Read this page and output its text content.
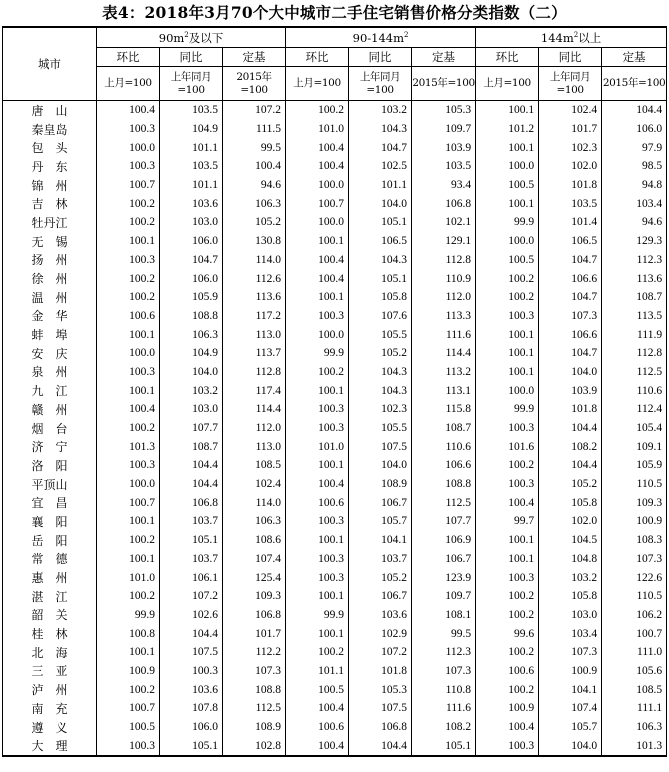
表4：2018年3月70个大中城市二手住宅销售价格分类指数（二）
城市	$90m^2$及以下			$90-144m^2$			$144m^2$以上		
	环比	同比	定基	环比	同比	定基	环比	同比	定基
	上月=100	上年同月=100	2015年=100	上月=100	上年同月=100	2015年=100	上月=100	上年同月=100	2015年=100
唐　山	100.4	103.5	107.2	100.2	103.2	105.3	100.1	102.4	104.4
秦皇岛	100.3	104.9	111.5	101.0	104.3	109.7	101.2	101.7	106.0
包　头	100.0	101.1	99.5	100.4	104.7	103.9	100.1	102.3	97.9
丹　东	100.3	103.5	100.4	100.4	102.5	103.5	100.0	102.0	98.5
锦　州	100.7	101.1	94.6	100.0	101.1	93.4	100.5	101.8	94.8
吉　林	100.2	103.6	106.3	100.7	104.0	106.8	100.1	103.5	103.4
牡丹江	100.2	103.0	105.2	100.0	105.1	102.1	99.9	101.4	94.6
无　锡	100.1	106.0	130.8	100.1	106.5	129.1	100.0	106.5	129.3
扬　州	100.3	104.7	114.0	100.4	104.3	112.8	100.5	104.7	112.3
徐　州	100.2	106.0	112.6	100.4	105.1	110.9	100.2	106.6	113.6
温　州	100.2	105.9	113.6	100.1	105.8	112.0	100.2	104.7	108.7
金　华	100.6	108.8	117.2	100.3	107.6	113.3	100.3	107.3	113.5
蚌　埠	100.1	106.3	113.0	100.0	105.5	111.6	100.1	106.6	111.9
安　庆	100.0	104.9	113.7	99.9	105.2	114.4	100.1	104.7	112.8
泉　州	100.3	104.0	112.8	100.2	104.3	113.2	100.1	104.0	112.5
九　江	100.1	103.2	117.4	100.1	104.3	113.1	100.0	103.9	110.6
赣　州	100.4	103.0	114.4	100.3	102.3	115.8	99.9	101.8	112.4
烟　台	100.2	107.7	112.0	100.3	105.5	108.7	100.3	104.4	105.4
济　宁	101.3	108.7	113.0	101.0	107.5	110.6	101.6	108.2	109.1
洛　阳	100.3	104.4	108.5	100.1	104.0	106.6	100.2	104.4	105.9
平顶山	100.0	104.4	102.4	100.4	108.9	108.8	100.3	105.2	110.5
宜　昌	100.7	106.8	114.0	100.6	106.7	112.5	100.4	105.8	109.3
襄　阳	100.1	103.7	106.3	100.3	105.7	107.7	99.7	102.0	100.9
岳　阳	100.2	105.1	108.6	100.1	104.1	106.9	100.1	104.5	108.3
常　德	100.1	103.7	107.4	100.3	103.7	106.7	100.1	104.8	107.3
惠　州	101.0	106.1	125.4	100.3	105.2	123.9	100.3	103.2	122.6
湛　江	100.2	107.2	109.3	100.1	106.7	109.7	100.2	105.8	110.5
韶　关	99.9	102.6	106.8	99.9	103.6	108.1	100.2	103.0	106.2
桂　林	100.8	104.4	101.7	100.1	102.9	99.5	99.6	103.4	100.7
北　海	100.1	107.5	112.2	100.2	107.2	112.3	100.2	107.3	111.0
三　亚	100.9	100.3	107.3	101.1	101.8	107.3	100.6	100.9	105.6
泸　州	100.2	103.6	108.8	100.5	105.3	110.8	100.2	104.1	108.5
南　充	100.7	107.8	112.5	100.4	107.5	111.6	100.9	107.4	111.1
遵　义	100.5	106.0	108.9	100.6	106.8	108.2	100.4	105.7	106.3
大　理	100.3	105.1	102.8	100.4	104.4	105.1	100.3	104.0	101.3
